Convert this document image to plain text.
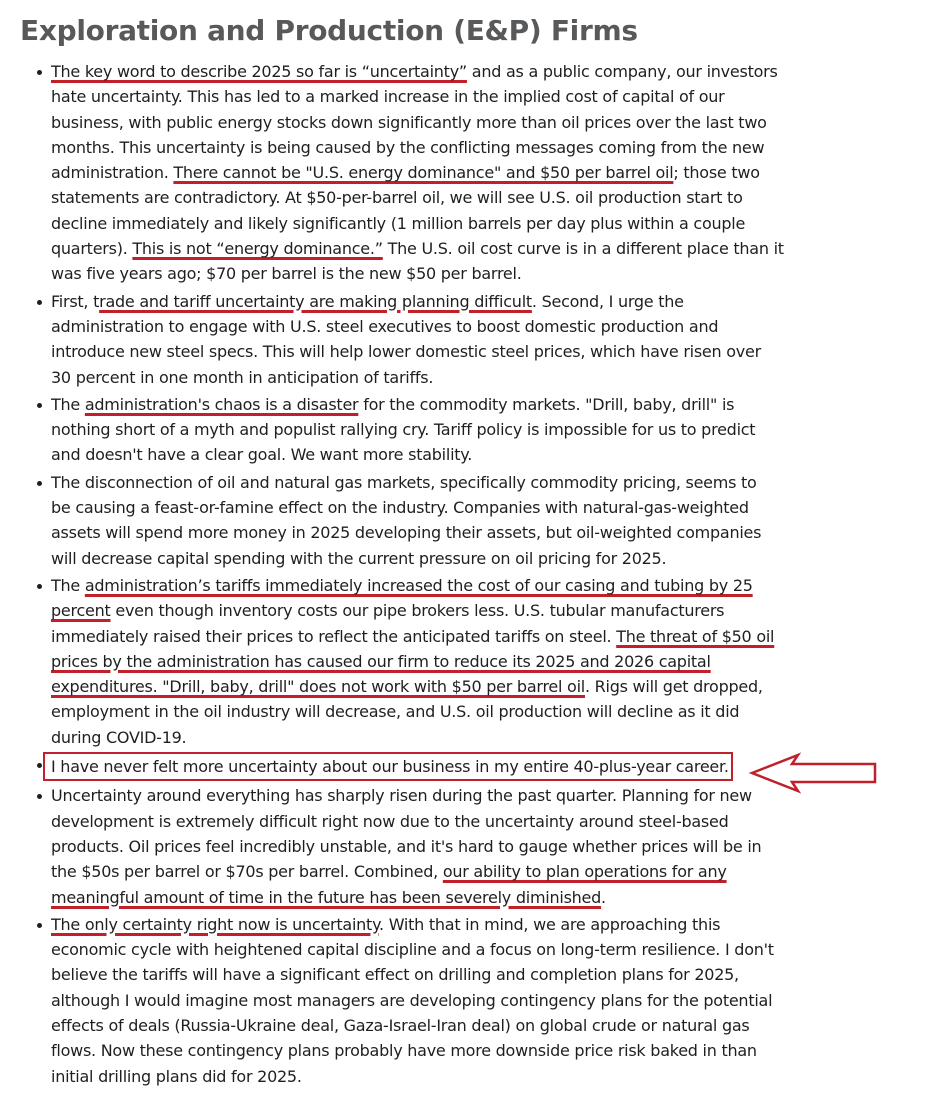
Exploration and Production (E&P) Firms
The key word to describe 2025 so far is “uncertainty” and as a public company, our investors
hate uncertainty. This has led to a marked increase in the implied cost of capital of our
business, with public energy stocks down significantly more than oil prices over the last two
months. This uncertainty is being caused by the conflicting messages coming from the new
administration. There cannot be "U.S. energy dominance" and $50 per barrel oil; those two
statements are contradictory. At $50-per-barrel oil, we will see U.S. oil production start to
decline immediately and likely significantly (1 million barrels per day plus within a couple
quarters). This is not “energy dominance.” The U.S. oil cost curve is in a different place than it
was five years ago; $70 per barrel is the new $50 per barrel.
First, trade and tariff uncertainty are making planning difficult. Second, I urge the
administration to engage with U.S. steel executives to boost domestic production and
introduce new steel specs. This will help lower domestic steel prices, which have risen over
30 percent in one month in anticipation of tariffs.
The administration's chaos is a disaster for the commodity markets. "Drill, baby, drill" is
nothing short of a myth and populist rallying cry. Tariff policy is impossible for us to predict
and doesn't have a clear goal. We want more stability.
The disconnection of oil and natural gas markets, specifically commodity pricing, seems to
be causing a feast-or-famine effect on the industry. Companies with natural-gas-weighted
assets will spend more money in 2025 developing their assets, but oil-weighted companies
will decrease capital spending with the current pressure on oil pricing for 2025.
The administration’s tariffs immediately increased the cost of our casing and tubing by 25
percent even though inventory costs our pipe brokers less. U.S. tubular manufacturers
immediately raised their prices to reflect the anticipated tariffs on steel. The threat of $50 oil
prices by the administration has caused our firm to reduce its 2025 and 2026 capital
expenditures. "Drill, baby, drill" does not work with $50 per barrel oil. Rigs will get dropped,
employment in the oil industry will decrease, and U.S. oil production will decline as it did
during COVID-19.
I have never felt more uncertainty about our business in my entire 40-plus-year career.
Uncertainty around everything has sharply risen during the past quarter. Planning for new
development is extremely difficult right now due to the uncertainty around steel-based
products. Oil prices feel incredibly unstable, and it's hard to gauge whether prices will be in
the $50s per barrel or $70s per barrel. Combined, our ability to plan operations for any
meaningful amount of time in the future has been severely diminished.
The only certainty right now is uncertainty. With that in mind, we are approaching this
economic cycle with heightened capital discipline and a focus on long-term resilience. I don't
believe the tariffs will have a significant effect on drilling and completion plans for 2025,
although I would imagine most managers are developing contingency plans for the potential
effects of deals (Russia-Ukraine deal, Gaza-Israel-Iran deal) on global crude or natural gas
flows. Now these contingency plans probably have more downside price risk baked in than
initial drilling plans did for 2025.
